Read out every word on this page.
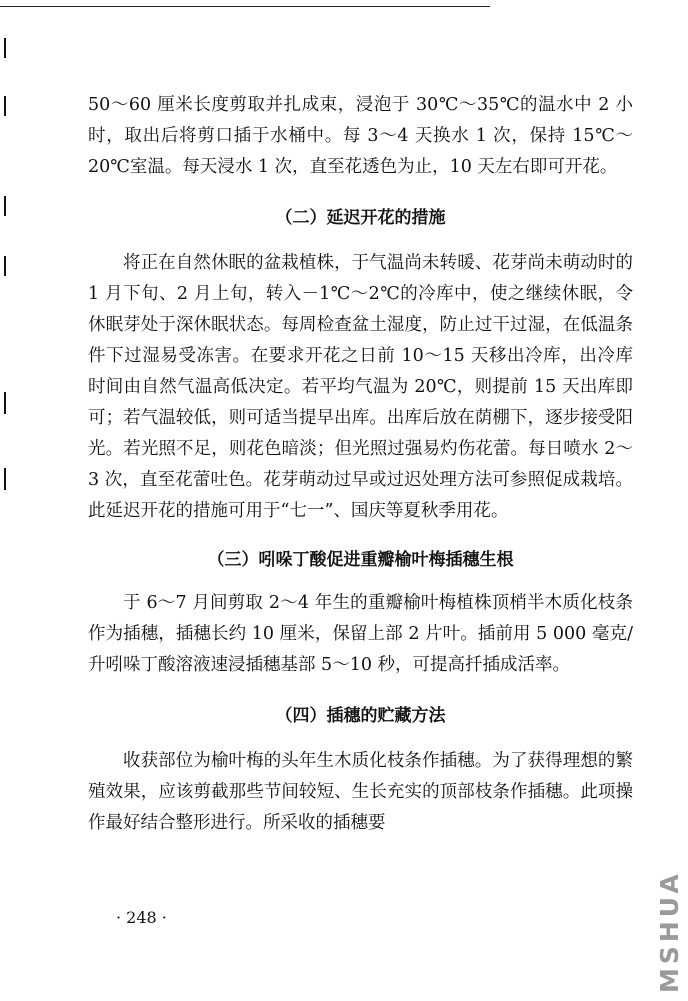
50～60 厘米长度剪取并扎成束，浸泡于 30℃～35℃的温水中 2 小时，取出后将剪口插于水桶中。每 3～4 天换水 1 次，保持 15℃～20℃室温。每天浸水 1 次，直至花透色为止，10 天左右即可开花。

（二）延迟开花的措施

将正在自然休眠的盆栽植株，于气温尚未转暖、花芽尚未萌动时的 1 月下旬、2 月上旬，转入－1℃～2℃的冷库中，使之继续休眠，令休眠芽处于深休眠状态。每周检查盆土湿度，防止过干过湿，在低温条件下过湿易受冻害。在要求开花之日前 10～15 天移出冷库，出冷库时间由自然气温高低决定。若平均气温为 20℃，则提前 15 天出库即可；若气温较低，则可适当提早出库。出库后放在荫棚下，逐步接受阳光。若光照不足，则花色暗淡；但光照过强易灼伤花蕾。每日喷水 2～3 次，直至花蕾吐色。花芽萌动过早或过迟处理方法可参照促成栽培。此延迟开花的措施可用于“七一”、国庆等夏秋季用花。

（三）吲哚丁酸促进重瓣榆叶梅插穗生根

于 6～7 月间剪取 2～4 年生的重瓣榆叶梅植株顶梢半木质化枝条作为插穗，插穗长约 10 厘米，保留上部 2 片叶。插前用 5 000 毫克/升吲哚丁酸溶液速浸插穗基部 5～10 秒，可提高扦插成活率。

（四）插穗的贮藏方法

收获部位为榆叶梅的头年生木质化枝条作插穗。为了获得理想的繁殖效果，应该剪截那些节间较短、生长充实的顶部枝条作插穗。此项操作最好结合整形进行。所采收的插穗要

· 248 ·	MSHUA
